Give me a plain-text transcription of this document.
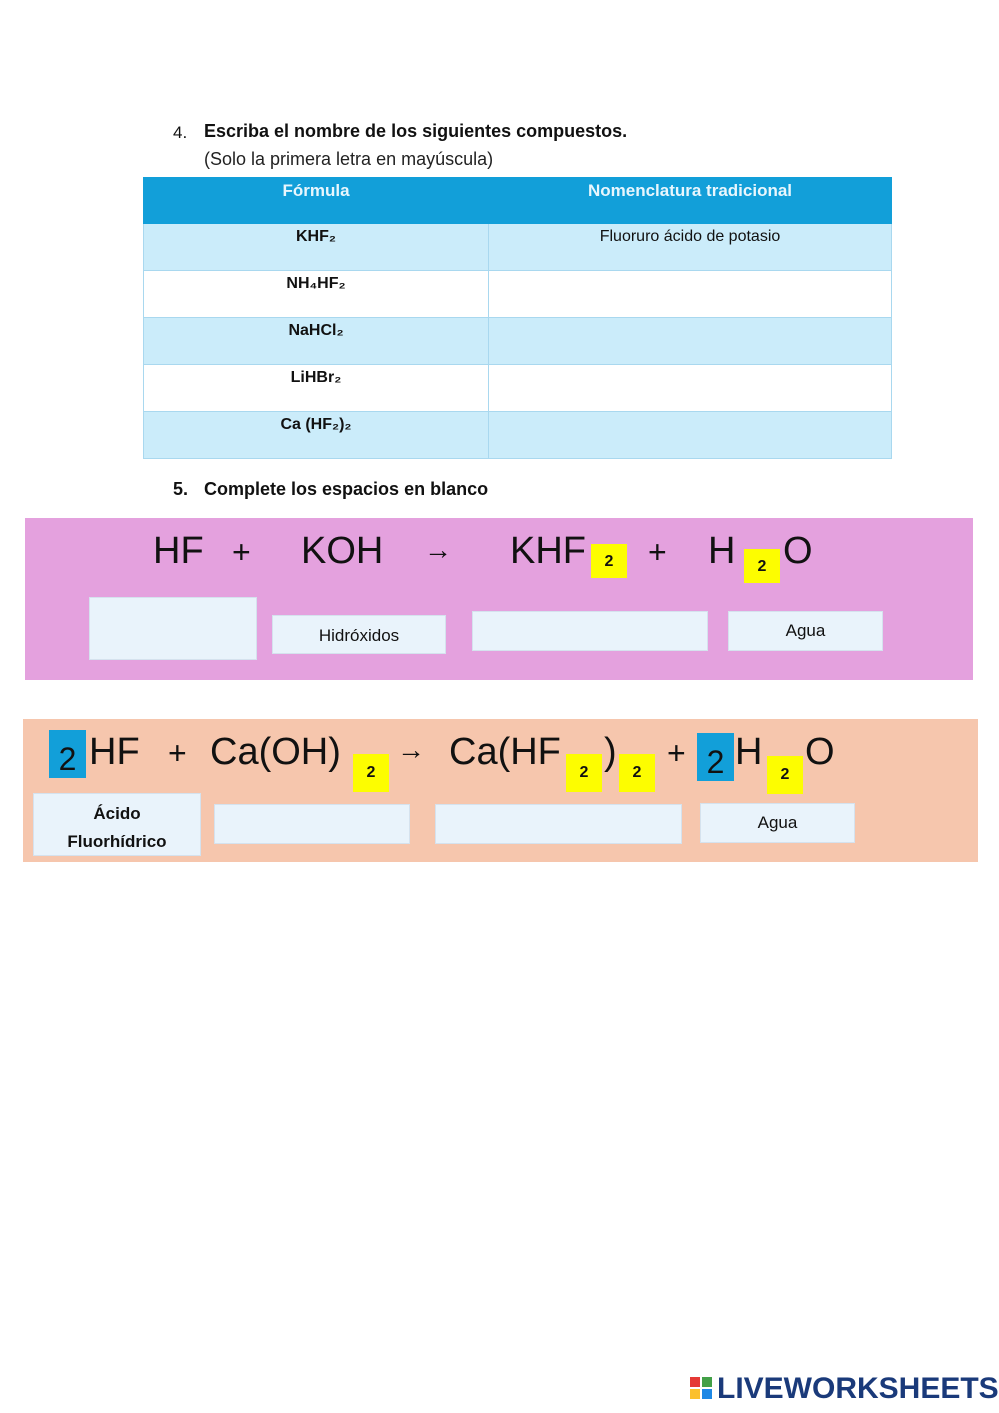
4. Escriba el nombre de los siguientes compuestos.
(Solo la primera letra en mayúscula)
Fórmula	Nomenclatura tradicional
KHF₂	Fluoruro ácido de potasio
NH₄HF₂	
NaHCl₂	
LiHBr₂	
Ca (HF₂)₂	
5. Complete los espacios en blanco
HF + KOH → KHF	2	+ H	2 O
Hidróxidos	Agua
2 HF + Ca(OH)	2
→ Ca(HF	2 ) 2
+ 2 H
2
O
Ácido
Fluorhídrico
Agua
LIVEWORKSHEETS
